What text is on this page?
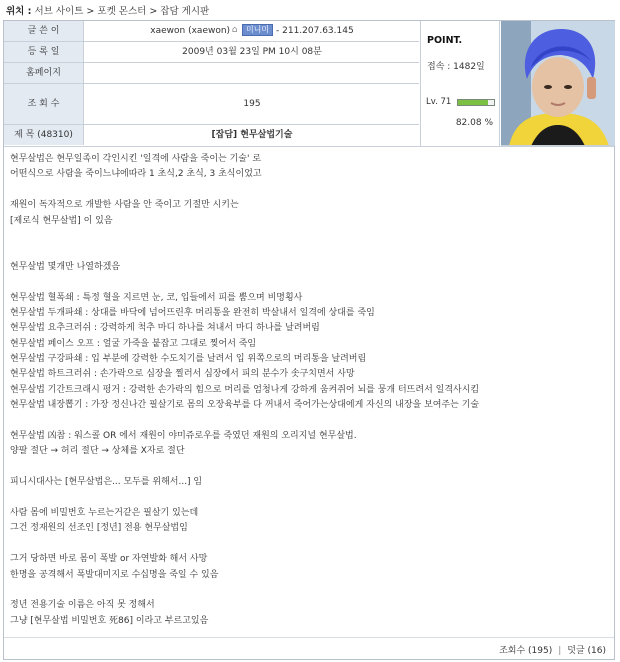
위치 : 서브 사이트 > 포켓 몬스터 > 잡담 게시판
글 쓴 이	xaewon (xaewon) ⌂ 미니미 - 211.207.63.145
등 록 일	2009년 03월 23일 PM 10시 08분
홈페이지
조 회 수	195
제 목 (48310)	[잡담] 현무살법기술
POINT.
접속 : 1482일
Lv. 71
82.08 %
현무살법은 현무일족이 각인시킨 '일격에 사람을 죽이는 기술' 로
어떤식으로 사람을 죽이느냐에따라 1 초식,2 초식, 3 초식이었고
재원이 독자적으로 개발한 사람을 안 죽이고 기절만 시키는
[제로식 현무살법] 이 있음
현무살법 몇개만 나열하겠음
현무살법 혈폭쇄 : 특정 혈을 지르면 눈, 코, 입들에서 피를 뿜으며 비명횡사
현무살법 두개파쇄 : 상대를 바닥에 넘어뜨린후 머리통을 완전히 박살내서 일격에 상대를 죽임
현무살법 요추크러쉬 : 강력하게 척추 마디 하나를 쳐내서 마디 하나를 날려버림
현무살법 페이스 오프 : 얼굴 가죽을 붙잡고 그대로 찢어서 죽임
현무살법 구강파쇄 : 입 부분에 강력한 수도치기를 날려서 입 위쪽으로의 머리통을 날려버림
현무살법 하트크러쉬 : 손가락으로 심장을 찔러서 심장에서 피의 분수가 솟구치면서 사망
현무살법 기간트크래시 펑거 : 강력한 손가락의 힘으로 머리를 엄청나게 강하게 움켜쥐어 뇌를 뭉개 터뜨려서 일격사시킴
현무살법 내장뽑기 : 가장 정신나간 필살기로 몸의 오장육부를 다 꺼내서 죽어가는상대에게 자신의 내장을 보여주는 기술
현무살법 凶참 : 워스콜 OR 에서 재원이 야미쥬로우를 죽였던 재원의 오리지널 현무살법.
양팔 절단 → 허리 절단 → 상체를 X자로 절단
피니시대사는 [현무살법은... 모두를 위해서...] 임
사람 몸에 비밀번호 누르는거같은 필살기 있는데
그건 정재원의 선조인 [정년] 전용 현무살법임
그거 당하면 바로 몸이 폭발 or 자연발화 해서 사망
한명을 공격해서 폭발대미지로 수십명을 죽일 수 있음
정년 전용기술 이름은 아직 못 정해서
그냥 [현무살법 비밀번호 死86] 이라고 부르고있음
조회수 (195) | 덧글 (16)
